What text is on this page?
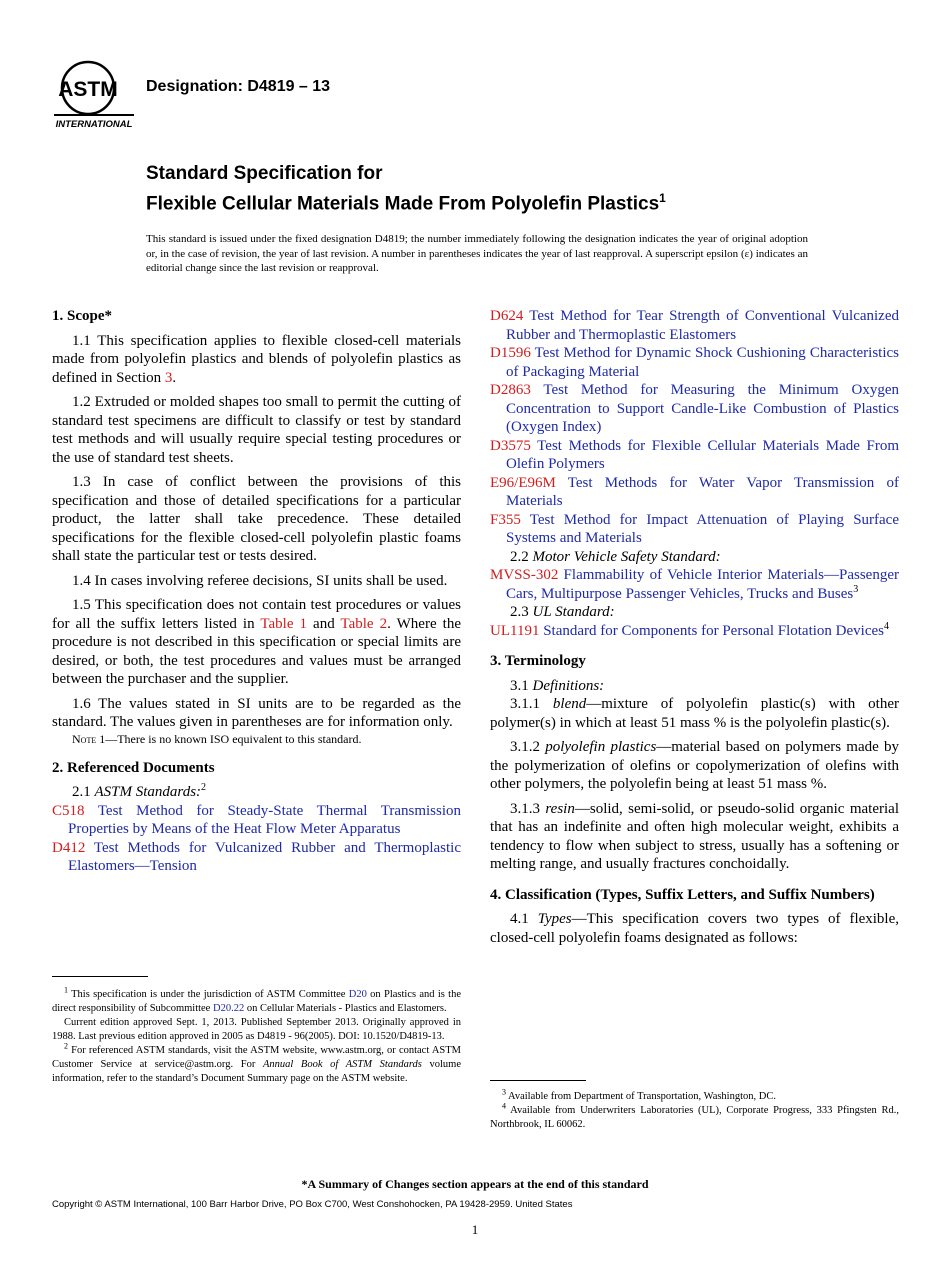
ASTM
INTERNATIONAL
Designation: D4819 – 13
Standard Specification for
Flexible Cellular Materials Made From Polyolefin Plastics$^1$
This standard is issued under the fixed designation D4819; the number immediately following the designation indicates the year of original adoption or, in the case of revision, the year of last revision. A number in parentheses indicates the year of last reapproval. A superscript epsilon (ε) indicates an editorial change since the last revision or reapproval.

1. Scope*

1.1 This specification applies to flexible closed-cell materials made from polyolefin plastics and blends of polyolefin plastics as defined in Section 3.

1.2 Extruded or molded shapes too small to permit the cutting of standard test specimens are difficult to classify or test by standard test methods and will usually require special testing procedures or the use of standard test sheets.

1.3 In case of conflict between the provisions of this specification and those of detailed specifications for a particular product, the latter shall take precedence. These detailed specifications for the flexible closed-cell polyolefin plastic foams shall state the particular test or tests desired.

1.4 In cases involving referee decisions, SI units shall be used.

1.5 This specification does not contain test procedures or values for all the suffix letters listed in Table 1 and Table 2. Where the procedure is not described in this specification or special limits are desired, or both, the test procedures and values must be arranged between the purchaser and the supplier.

1.6 The values stated in SI units are to be regarded as the standard. The values given in parentheses are for information only.

Note 1—There is no known ISO equivalent to this standard.

2. Referenced Documents

2.1 ASTM Standards:$^2$

C518 Test Method for Steady-State Thermal Transmission Properties by Means of the Heat Flow Meter Apparatus

D412 Test Methods for Vulcanized Rubber and Thermoplastic Elastomers—Tension

D624 Test Method for Tear Strength of Conventional Vulcanized Rubber and Thermoplastic Elastomers

D1596 Test Method for Dynamic Shock Cushioning Characteristics of Packaging Material

D2863 Test Method for Measuring the Minimum Oxygen Concentration to Support Candle-Like Combustion of Plastics (Oxygen Index)

D3575 Test Methods for Flexible Cellular Materials Made From Olefin Polymers

E96/E96M Test Methods for Water Vapor Transmission of Materials

F355 Test Method for Impact Attenuation of Playing Surface Systems and Materials

2.2 Motor Vehicle Safety Standard:

MVSS-302 Flammability of Vehicle Interior Materials—Passenger Cars, Multipurpose Passenger Vehicles, Trucks and Buses$^3$

2.3 UL Standard:

UL1191 Standard for Components for Personal Flotation Devices$^4$

3. Terminology

3.1 Definitions:

3.1.1 blend—mixture of polyolefin plastic(s) with other polymer(s) in which at least 51 mass % is the polyolefin plastic(s).

3.1.2 polyolefin plastics—material based on polymers made by the polymerization of olefins or copolymerization of olefins with other polymers, the polyolefin being at least 51 mass %.

3.1.3 resin—solid, semi-solid, or pseudo-solid organic material that has an indefinite and often high molecular weight, exhibits a tendency to flow when subject to stress, usually has a softening or melting range, and usually fractures conchoidally.

4. Classification (Types, Suffix Letters, and Suffix Numbers)

4.1 Types—This specification covers two types of flexible, closed-cell polyolefin foams designated as follows:

$^1$ This specification is under the jurisdiction of ASTM Committee D20 on Plastics and is the direct responsibility of Subcommittee D20.22 on Cellular Materials - Plastics and Elastomers.

Current edition approved Sept. 1, 2013. Published September 2013. Originally approved in 1988. Last previous edition approved in 2005 as D4819 - 96(2005). DOI: 10.1520/D4819-13.

$^2$ For referenced ASTM standards, visit the ASTM website, www.astm.org, or contact ASTM Customer Service at service@astm.org. For Annual Book of ASTM Standards volume information, refer to the standard’s Document Summary page on the ASTM website.

$^3$ Available from Department of Transportation, Washington, DC.

$^4$ Available from Underwriters Laboratories (UL), Corporate Progress, 333 Pfingsten Rd., Northbrook, IL 60062.

*A Summary of Changes section appears at the end of this standard
Copyright © ASTM International, 100 Barr Harbor Drive, PO Box C700, West Conshohocken, PA 19428-2959. United States
1
